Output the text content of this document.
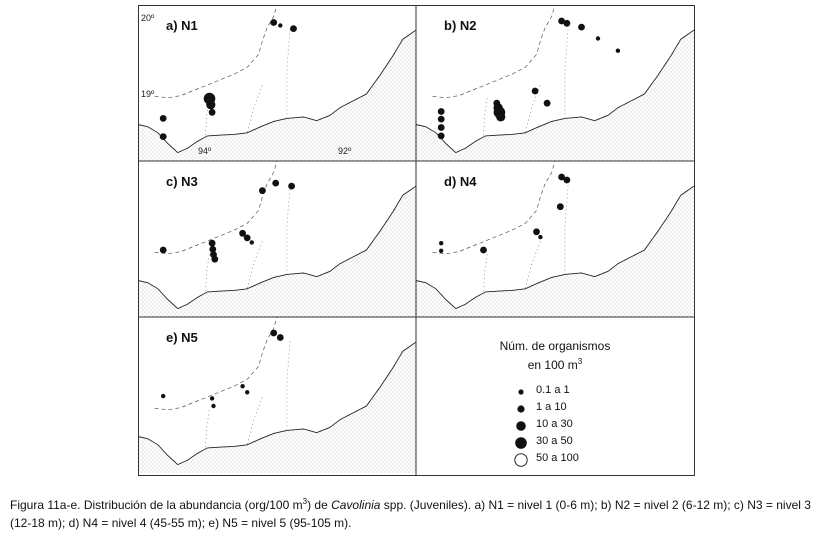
a) N1
20º
19º
94º	92º
b) N2
c) N3	d) N4
e) N5
Núm. de organismos
en 100 $m^3$
0.1 a 1
1 a 10
10 a 30
30 a 50
50 a 100
Figura 11a-e. Distribución de la abundancia (org/100 $m^3$) de Cavolinia spp. (Juveniles). a) N1 = nivel 1 (0-6 m); b) N2 = nivel 2 (6-12 m); c) N3 = nivel 3 (12-18 m); d) N4 = nivel 4 (45-55 m); e) N5 = nivel 5 (95-105 m).
